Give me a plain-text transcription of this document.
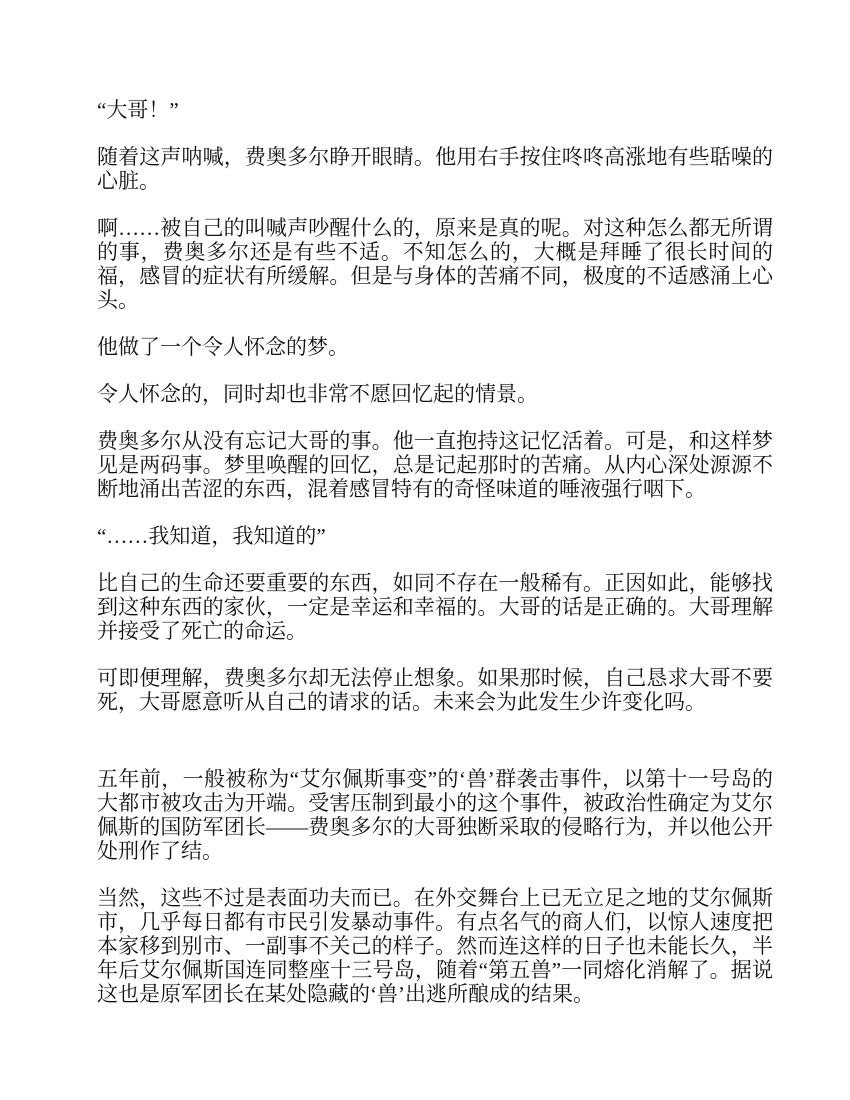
“大哥！”

随着这声呐喊，费奥多尔睁开眼睛。他用右手按住咚咚高涨地有些聒噪的心脏。

啊……被自己的叫喊声吵醒什么的，原来是真的呢。对这种怎么都无所谓的事，费奥多尔还是有些不适。不知怎么的，大概是拜睡了很长时间的福，感冒的症状有所缓解。但是与身体的苦痛不同，极度的不适感涌上心头。

他做了一个令人怀念的梦。

令人怀念的，同时却也非常不愿回忆起的情景。

费奥多尔从没有忘记大哥的事。他一直抱持这记忆活着。可是，和这样梦见是两码事。梦里唤醒的回忆，总是记起那时的苦痛。从内心深处源源不断地涌出苦涩的东西，混着感冒特有的奇怪味道的唾液强行咽下。

“……我知道，我知道的”

比自己的生命还要重要的东西，如同不存在一般稀有。正因如此，能够找到这种东西的家伙，一定是幸运和幸福的。大哥的话是正确的。大哥理解并接受了死亡的命运。

可即便理解，费奥多尔却无法停止想象。如果那时候，自己恳求大哥不要死，大哥愿意听从自己的请求的话。未来会为此发生少许变化吗。

五年前，一般被称为“艾尔佩斯事变”的‘兽’群袭击事件，以第十一号岛的大都市被攻击为开端。受害压制到最小的这个事件，被政治性确定为艾尔佩斯的国防军团长——费奥多尔的大哥独断采取的侵略行为，并以他公开处刑作了结。

当然，这些不过是表面功夫而已。在外交舞台上已无立足之地的艾尔佩斯市，几乎每日都有市民引发暴动事件。有点名气的商人们，以惊人速度把本家移到别市、一副事不关己的样子。然而连这样的日子也未能长久，半年后艾尔佩斯国连同整座十三号岛，随着“第五兽”一同熔化消解了。据说这也是原军团长在某处隐藏的‘兽’出逃所酿成的结果。
